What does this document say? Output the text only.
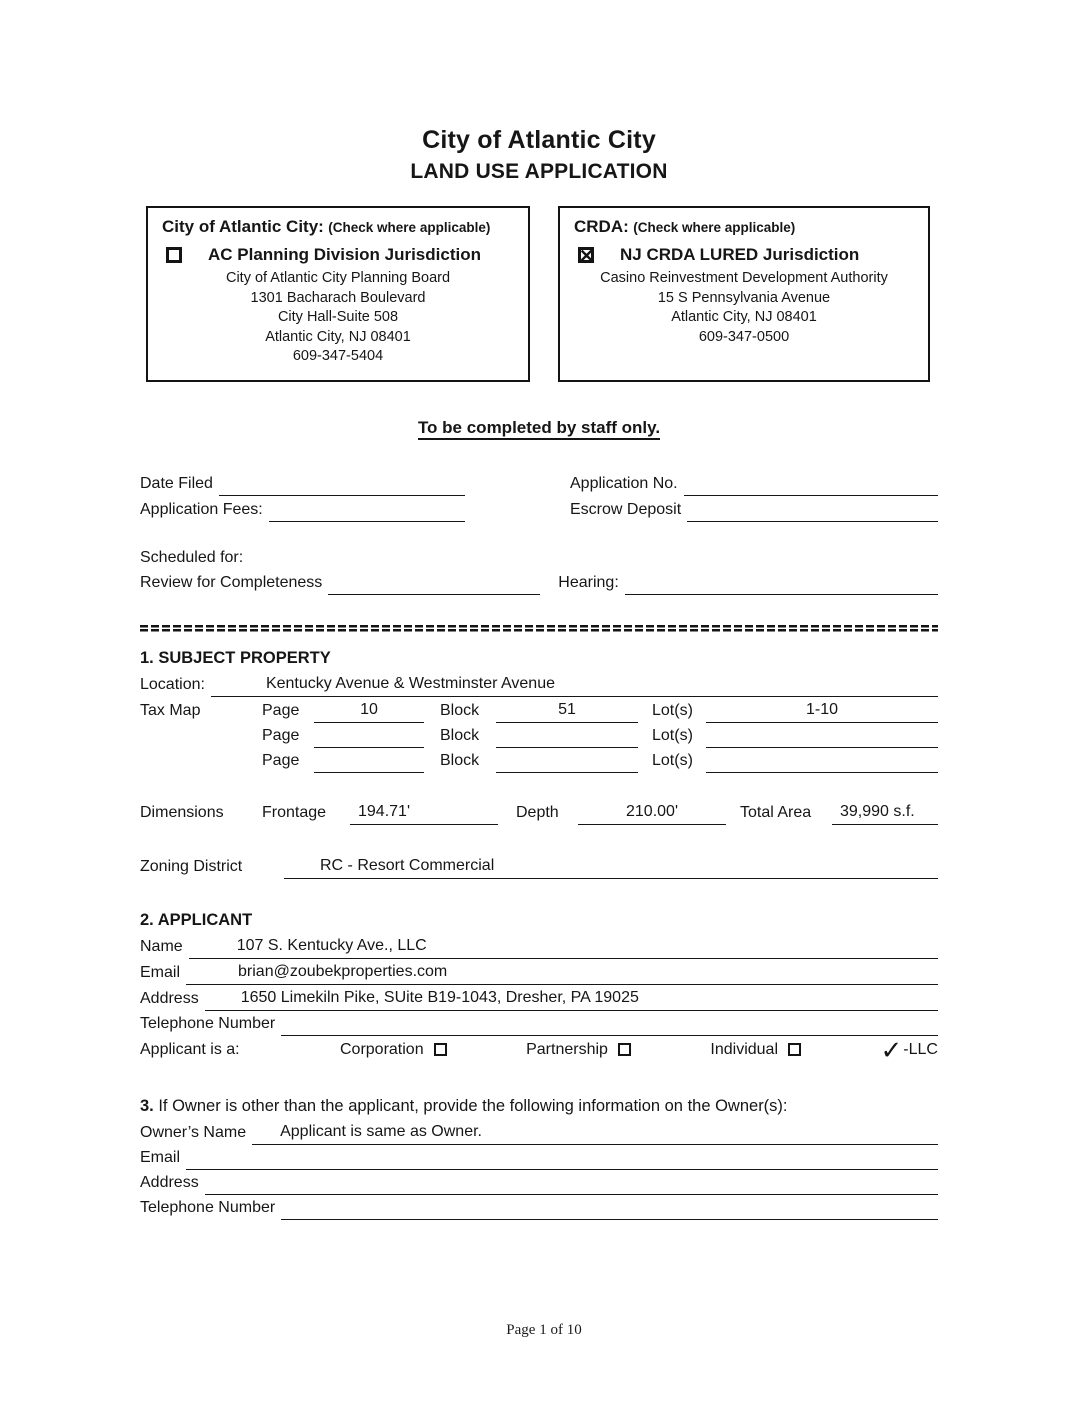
City of Atlantic City
LAND USE APPLICATION
City of Atlantic City: (Check where applicable)
AC Planning Division Jurisdiction
City of Atlantic City Planning Board
1301 Bacharach Boulevard
City Hall-Suite 508
Atlantic City, NJ 08401
609-347-5404
CRDA: (Check where applicable)
✕
NJ CRDA LURED Jurisdiction
Casino Reinvestment Development Authority
15 S Pennsylvania Avenue
Atlantic City, NJ 08401
609-347-0500
To be completed by staff only.
Date Filed	Application No.
Application Fees:	Escrow Deposit
Scheduled for:
Review for Completeness	Hearing:
1. SUBJECT PROPERTY
Location:	Kentucky Avenue & Westminster Avenue
Tax Map	Page	10	Block	51	Lot(s)	1-10
Page	Block	Lot(s)
Page	Block	Lot(s)
Dimensions	Frontage	194.71'	Depth	210.00'	Total Area	39,990 s.f.
Zoning District	RC - Resort Commercial
2. APPLICANT
Name	107 S. Kentucky Ave., LLC
Email	brian@zoubekproperties.com
Address	1650 Limekiln Pike, SUite B19-1043, Dresher, PA 19025
Telephone Number
Applicant is a:	Corporation	Partnership	Individual	✓ -LLC
3. If Owner is other than the applicant, provide the following information on the Owner(s):
Owner’s Name	Applicant is same as Owner.
Email
Address
Telephone Number
Page 1 of 10
